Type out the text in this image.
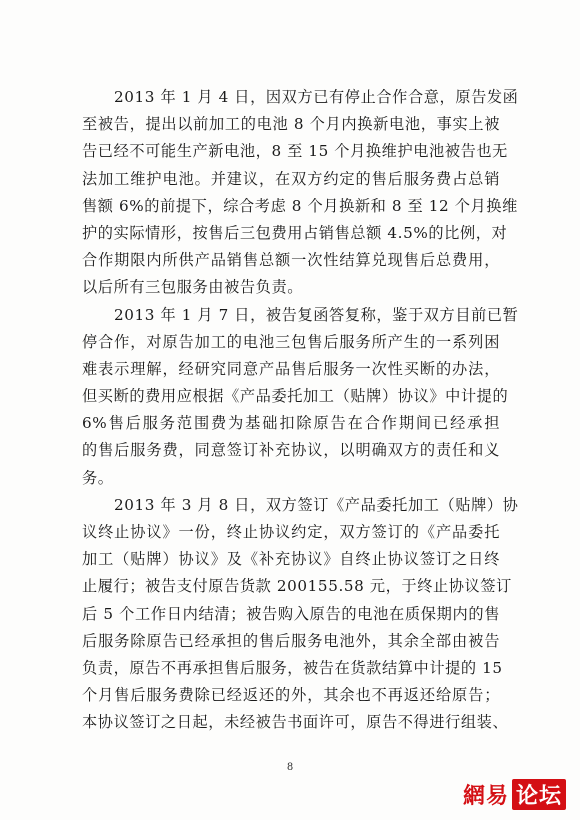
2013 年 1 月 4 日，因双方已有停止合作合意，原告发函
至被告，提出以前加工的电池 8 个月内换新电池，事实上被
告已经不可能生产新电池，8 至 15 个月换维护电池被告也无
法加工维护电池。并建议，在双方约定的售后服务费占总销
售额 6%的前提下，综合考虑 8 个月换新和 8 至 12 个月换维
护的实际情形，按售后三包费用占销售总额 4.5%的比例，对
合作期限内所供产品销售总额一次性结算兑现售后总费用，
以后所有三包服务由被告负责。
2013 年 1 月 7 日，被告复函答复称，鉴于双方目前已暂
停合作，对原告加工的电池三包售后服务所产生的一系列困
难表示理解，经研究同意产品售后服务一次性买断的办法，
但买断的费用应根据《产品委托加工（贴牌）协议》中计提的
6%售后服务范围费为基础扣除原告在合作期间已经承担
的售后服务费，同意签订补充协议，以明确双方的责任和义
务。
2013 年 3 月 8 日，双方签订《产品委托加工（贴牌）协
议终止协议》一份，终止协议约定，双方签订的《产品委托
加工（贴牌）协议》及《补充协议》自终止协议签订之日终
止履行；被告支付原告货款 200155.58 元，于终止协议签订
后 5 个工作日内结清；被告购入原告的电池在质保期内的售
后服务除原告已经承担的售后服务电池外，其余全部由被告
负责，原告不再承担售后服务，被告在货款结算中计提的 15
个月售后服务费除已经返还的外，其余也不再返还给原告；
本协议签订之日起，未经被告书面许可，原告不得进行组装、
8
網易 论坛
